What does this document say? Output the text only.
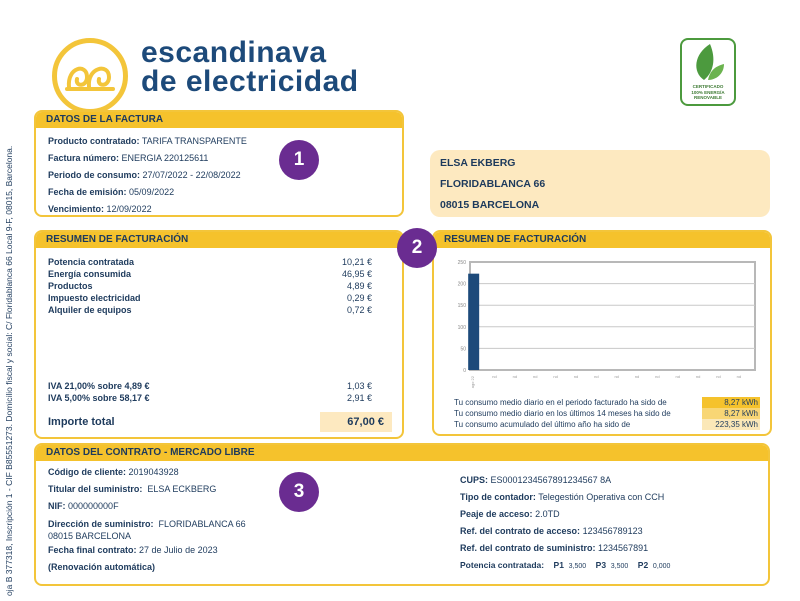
escandinava
de electricidad	CERTIFICADO
100% ENERGÍA
RENOVABLE
oja B 377318, Inscripción 1 - CIF B85551273. Domicilio fiscal y social: C/ Floridablanca 66 Local 9-F, 08015, Barcelona.
DATOS DE LA FACTURA
Producto contratado: TARIFA TRANSPARENTE
Factura número: ENERGIA 220125611
Periodo de consumo: 27/07/2022 - 22/08/2022
Fecha de emisión: 05/09/2022
Vencimiento: 12/09/2022
1	ELSA EKBERG
FLORIDABLANCA 66
08015 BARCELONA
RESUMEN DE FACTURACIÓN
Potencia contratada	10,21 €
Energía consumida	46,95 €
Productos	4,89 €
Impuesto electricidad	0,29 €
Alquiler de equipos	0,72 €
IVA 21,00% sobre 4,89 €	1,03 €
IVA 5,00% sobre 58,17 €	2,91 €
Importe total	67,00 €
RESUMEN DE FACTURACIÓN
0
50
100
150
200
250
ago 22	nd	nd	nd	nd	nd	nd	nd	nd	nd	nd	nd	nd	nd
Tu consumo medio diario en el periodo facturado ha sido de	8,27 kWh
Tu consumo medio diario en los últimos 14 meses ha sido de	8,27 kWh
Tu consumo acumulado del último año ha sido de	223,35 kWh
2
DATOS DEL CONTRATO - MERCADO LIBRE
Código de cliente: 2019043928
Titular del suministro: ELSA ECKBERG
NIF: 000000000F
Dirección de suministro: FLORIDABLANCA 66
08015 BARCELONA
Fecha final contrato: 27 de Julio de 2023
(Renovación automática)
CUPS: ES0001234567891234567 8A
Tipo de contador: Telegestión Operativa con CCH
Peaje de acceso: 2.0TD
Ref. del contrato de acceso: 123456789123
Ref. del contrato de suministro: 1234567891
Potencia contratada: P1 3,500 P3 3,500 P2 0,000
3
